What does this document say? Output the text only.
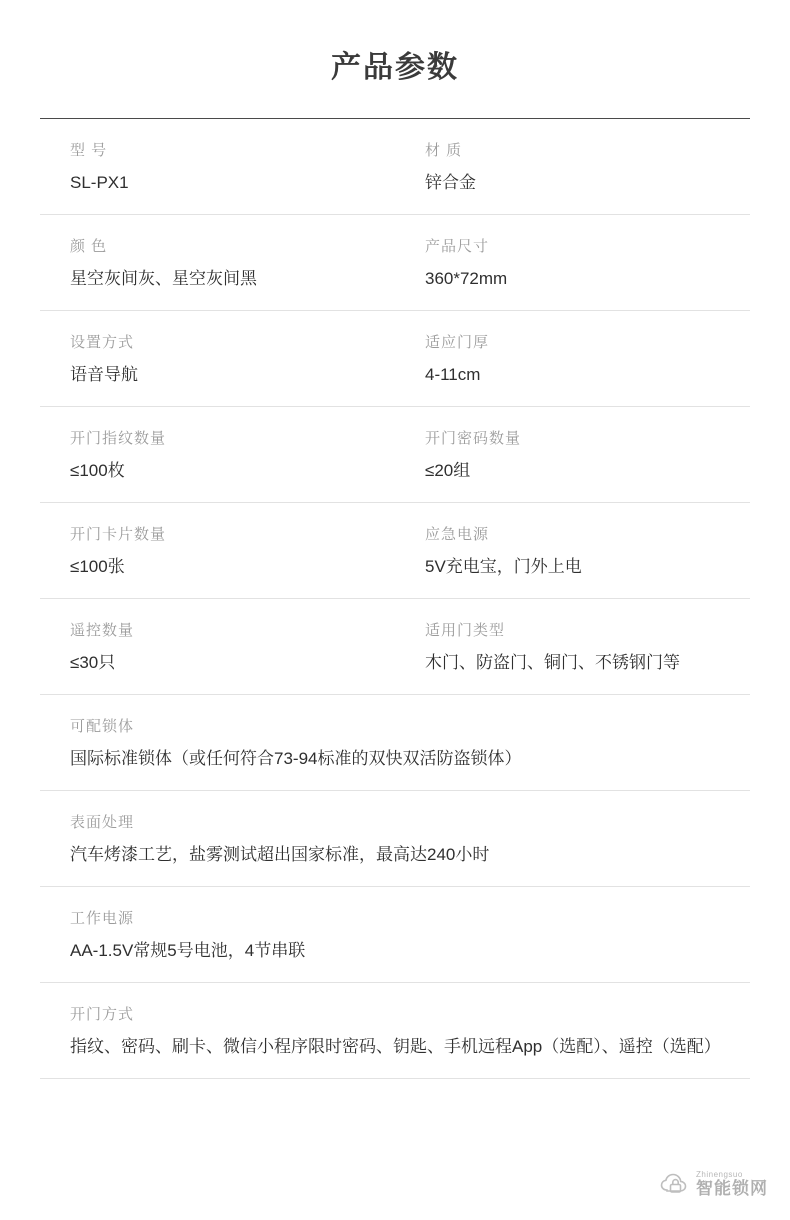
产品参数
型 号
SL-PX1
材 质
锌合金
颜 色
星空灰间灰、星空灰间黑
产品尺寸
360*72mm
设置方式
语音导航
适应门厚
4-11cm
开门指纹数量
≤100枚
开门密码数量
≤20组
开门卡片数量
≤100张
应急电源
5V充电宝，门外上电
遥控数量
≤30只
适用门类型
木门、防盗门、铜门、不锈钢门等
可配锁体
国际标准锁体（或任何符合73-94标准的双快双活防盗锁体）
表面处理
汽车烤漆工艺，盐雾测试超出国家标准，最高达240小时
工作电源
AA-1.5V常规5号电池，4节串联
开门方式
指纹、密码、刷卡、微信小程序限时密码、钥匙、手机远程App（选配）、遥控（选配）
Zhinengsuo
智能锁网
